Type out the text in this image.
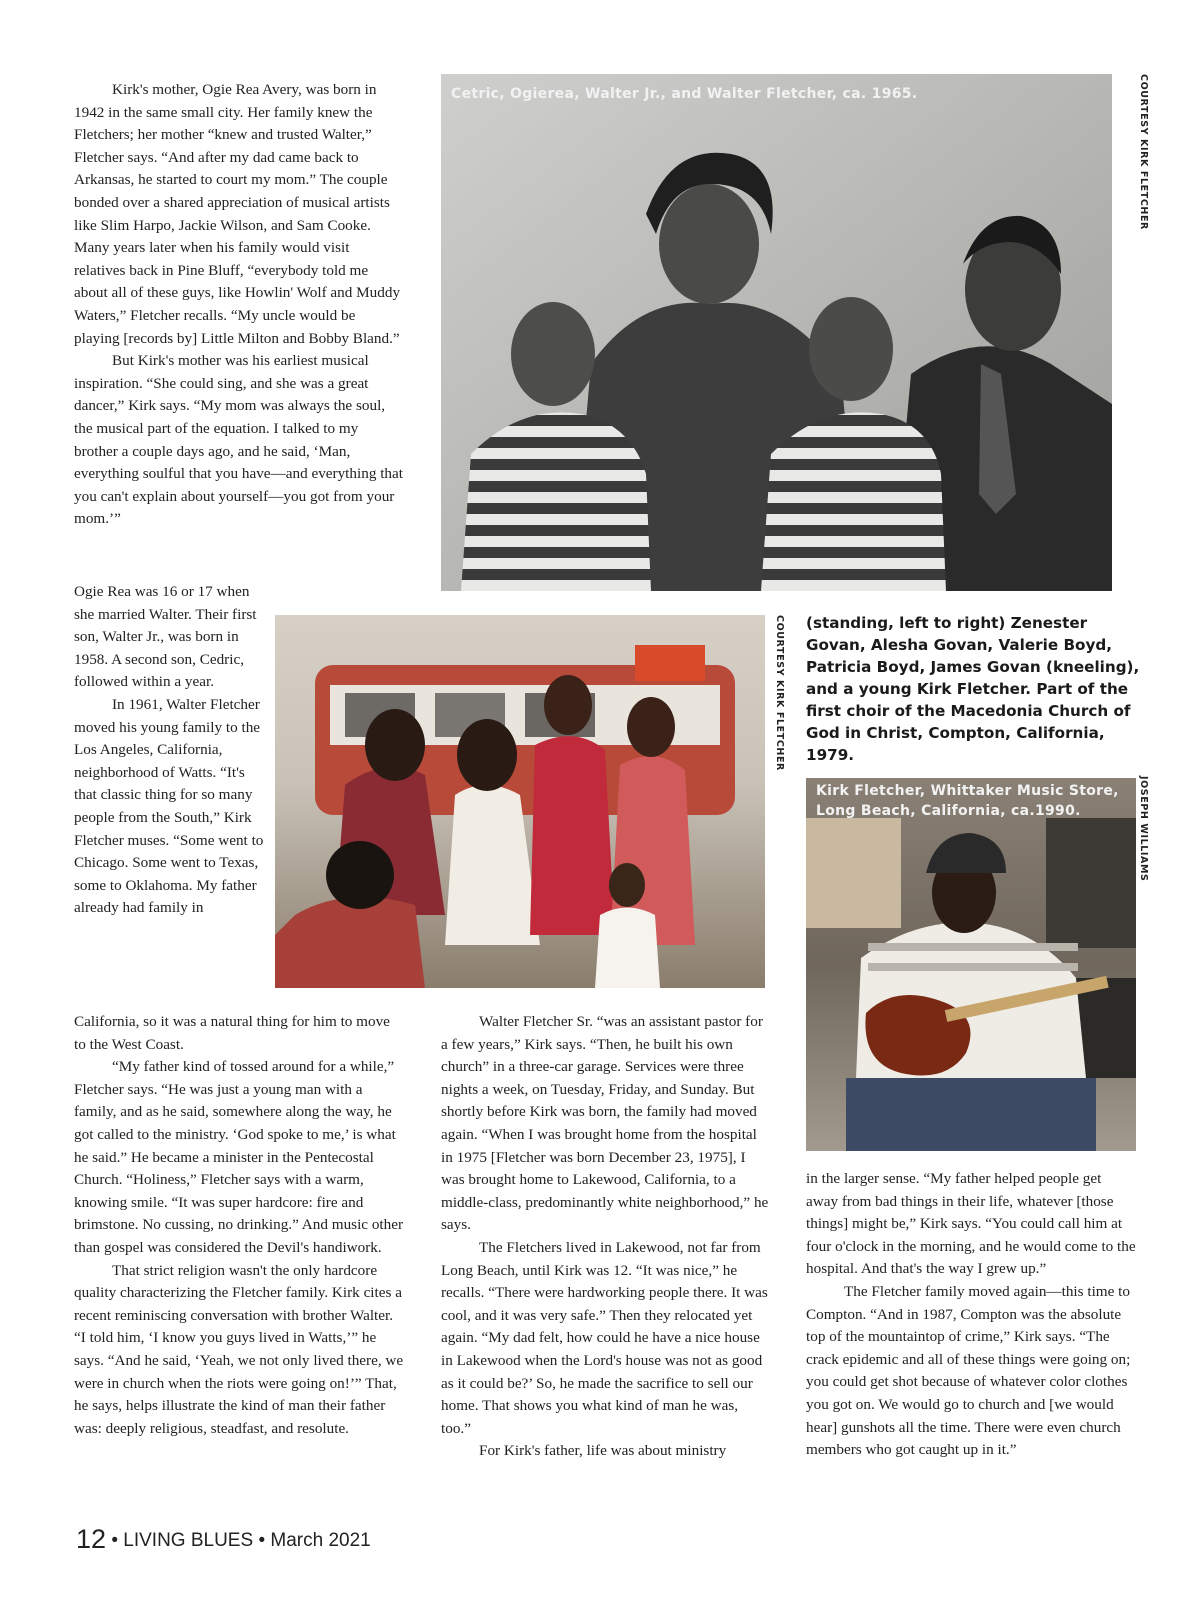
Cetric, Ogierea, Walter Jr., and Walter Fletcher, ca. 1965.	COURTESY KIRK FLETCHER
COURTESY KIRK FLETCHER (standing, left to right) Zenester Govan, Alesha Govan, Valerie Boyd, Patricia Boyd, James Govan (kneeling), and a young Kirk Fletcher. Part of the first choir of the Macedonia Church of God in Christ, Compton, California, 1979.
Kirk Fletcher, Whittaker Music Store, Long Beach, California, ca.1990.	JOSEPH WILLIAMS

Kirk's mother, Ogie Rea Avery, was born in 1942 in the same small city. Her family knew the Fletchers; her mother “knew and trusted Walter,” Fletcher says. “And after my dad came back to Arkansas, he started to court my mom.” The couple bonded over a shared appreciation of musical artists like Slim Harpo, Jackie Wilson, and Sam Cooke. Many years later when his family would visit relatives back in Pine Bluff, “everybody told me about all of these guys, like Howlin' Wolf and Muddy Waters,” Fletcher recalls. “My uncle would be playing [records by] Little Milton and Bobby Bland.”

But Kirk's mother was his earliest musical inspiration. “She could sing, and she was a great dancer,” Kirk says. “My mom was always the soul, the musical part of the equation. I talked to my brother a couple days ago, and he said, ‘Man, everything soulful that you have—and everything that you can't explain about yourself—you got from your mom.’”

Ogie Rea was 16 or 17 when she married Walter. Their first son, Walter Jr., was born in 1958. A second son, Cedric, followed within a year.

In 1961, Walter Fletcher moved his young family to the Los Angeles, California, neighborhood of Watts. “It's that classic thing for so many people from the South,” Kirk Fletcher muses. “Some went to Chicago. Some went to Texas, some to Oklahoma. My father already had family in

California, so it was a natural thing for him to move to the West Coast.

“My father kind of tossed around for a while,” Fletcher says. “He was just a young man with a family, and as he said, somewhere along the way, he got called to the ministry. ‘God spoke to me,’ is what he said.” He became a minister in the Pentecostal Church. “Holiness,” Fletcher says with a warm, knowing smile. “It was super hardcore: fire and brimstone. No cussing, no drinking.” And music other than gospel was considered the Devil's handiwork.

That strict religion wasn't the only hardcore quality characterizing the Fletcher family. Kirk cites a recent reminiscing conversation with brother Walter. “I told him, ‘I know you guys lived in Watts,’” he says. “And he said, ‘Yeah, we not only lived there, we were in church when the riots were going on!’” That, he says, helps illustrate the kind of man their father was: deeply religious, steadfast, and resolute.

Walter Fletcher Sr. “was an assistant pastor for a few years,” Kirk says. “Then, he built his own church” in a three-car garage. Services were three nights a week, on Tuesday, Friday, and Sunday. But shortly before Kirk was born, the family had moved again. “When I was brought home from the hospital in 1975 [Fletcher was born December 23, 1975], I was brought home to Lakewood, California, to a middle-class, predominantly white neighborhood,” he says.

The Fletchers lived in Lakewood, not far from Long Beach, until Kirk was 12. “It was nice,” he recalls. “There were hardworking people there. It was cool, and it was very safe.” Then they relocated yet again. “My dad felt, how could he have a nice house in Lakewood when the Lord's house was not as good as it could be?’ So, he made the sacrifice to sell our home. That shows you what kind of man he was, too.”

For Kirk's father, life was about ministry

in the larger sense. “My father helped people get away from bad things in their life, whatever [those things] might be,” Kirk says. “You could call him at four o'clock in the morning, and he would come to the hospital. And that's the way I grew up.”

The Fletcher family moved again—this time to Compton. “And in 1987, Compton was the absolute top of the mountaintop of crime,” Kirk says. “The crack epidemic and all of these things were going on; you could get shot because of whatever color clothes you got on. We would go to church and [we would hear] gunshots all the time. There were even church members who got caught up in it.”

12 • LIVING BLUES • March 2021
